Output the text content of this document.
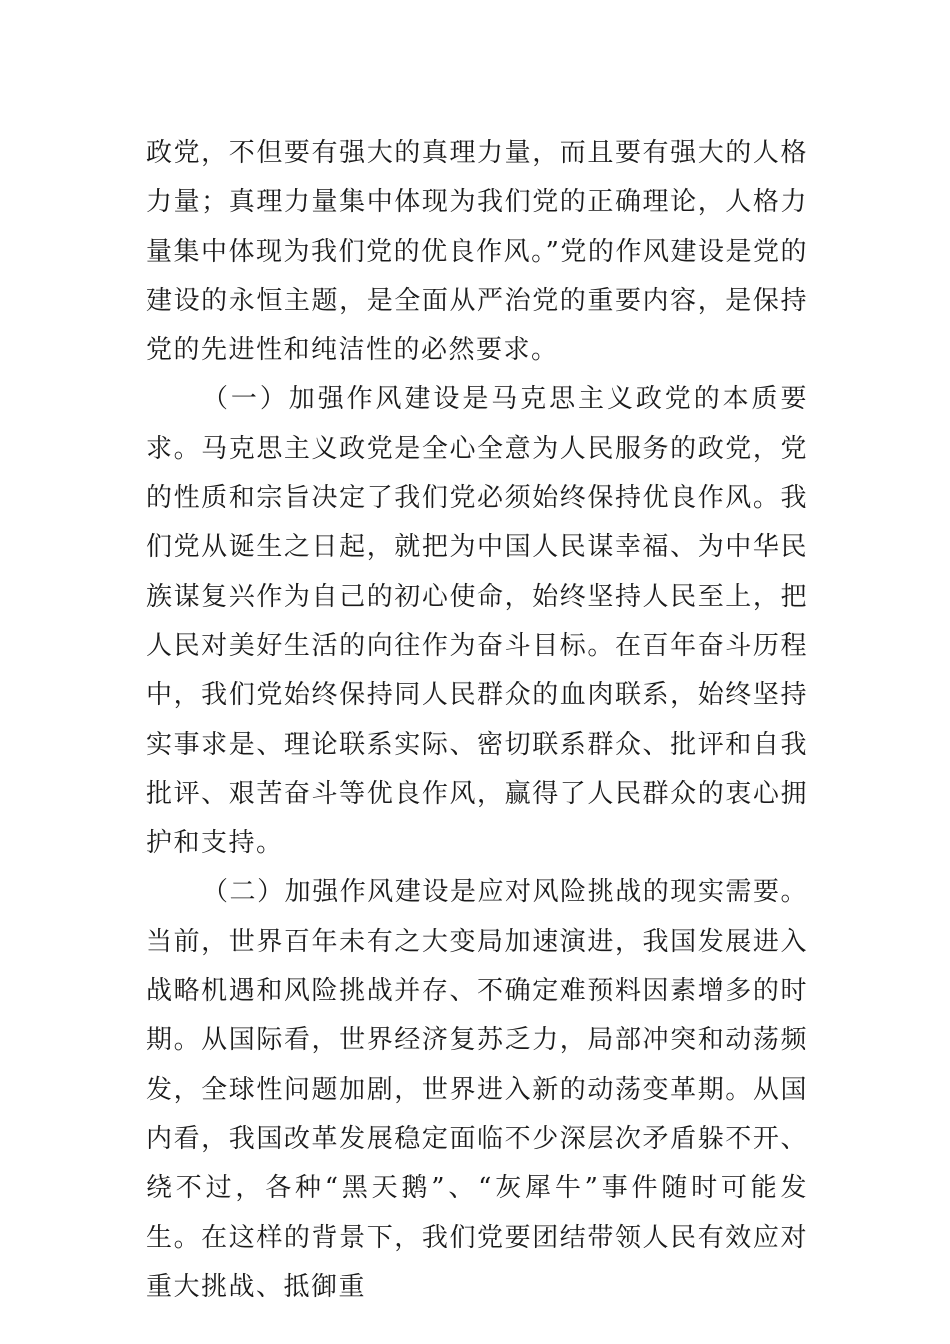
政党，不但要有强大的真理力量，而且要有强大的人格力量；真理力量集中体现为我们党的正确理论，人格力量集中体现为我们党的优良作风。”党的作风建设是党的建设的永恒主题，是全面从严治党的重要内容，是保持党的先进性和纯洁性的必然要求。

（一）加强作风建设是马克思主义政党的本质要求。马克思主义政党是全心全意为人民服务的政党，党的性质和宗旨决定了我们党必须始终保持优良作风。我们党从诞生之日起，就把为中国人民谋幸福、为中华民族谋复兴作为自己的初心使命，始终坚持人民至上，把人民对美好生活的向往作为奋斗目标。在百年奋斗历程中，我们党始终保持同人民群众的血肉联系，始终坚持实事求是、理论联系实际、密切联系群众、批评和自我批评、艰苦奋斗等优良作风，赢得了人民群众的衷心拥护和支持。

（二）加强作风建设是应对风险挑战的现实需要。当前，世界百年未有之大变局加速演进，我国发展进入战略机遇和风险挑战并存、不确定难预料因素增多的时期。从国际看，世界经济复苏乏力，局部冲突和动荡频发，全球性问题加剧，世界进入新的动荡变革期。从国内看，我国改革发展稳定面临不少深层次矛盾躲不开、绕不过，各种“黑天鹅”、“灰犀牛”事件随时可能发生。在这样的背景下，我们党要团结带领人民有效应对重大挑战、抵御重
